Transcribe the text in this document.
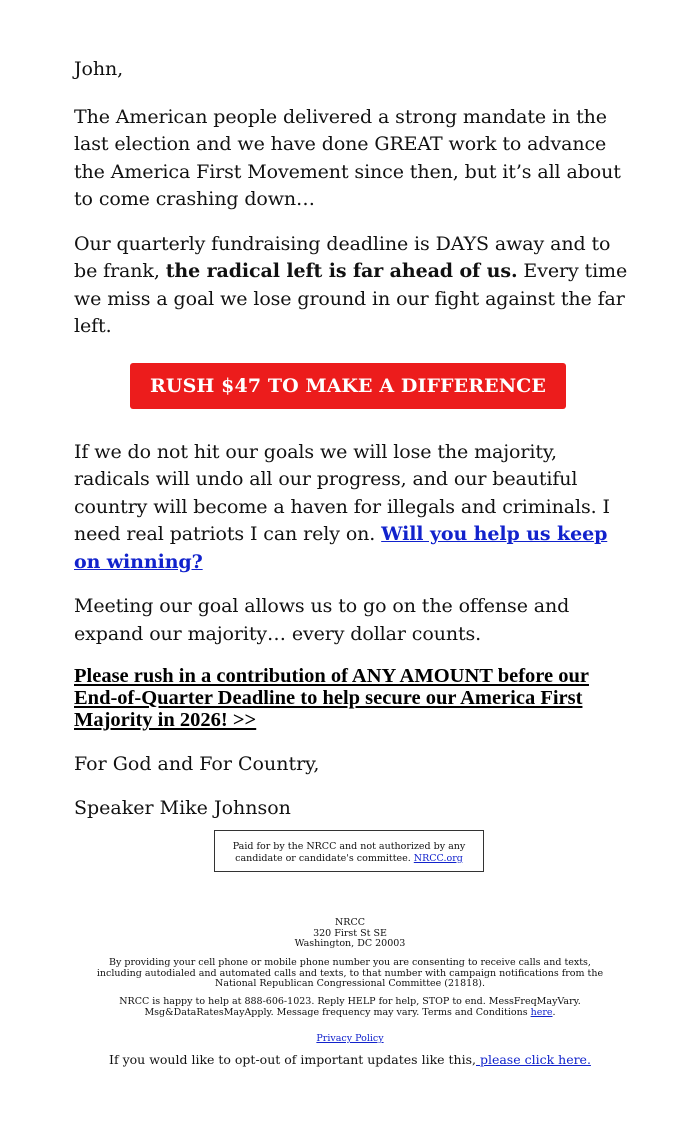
John,

The American people delivered a strong mandate in the last election and we have done GREAT work to advance the America First Movement since then, but it’s all about to come crashing down…

Our quarterly fundraising deadline is DAYS away and to be frank, the radical left is far ahead of us. Every time we miss a goal we lose ground in our fight against the far left.

RUSH $47 TO MAKE A DIFFERENCE

If we do not hit our goals we will lose the majority, radicals will undo all our progress, and our beautiful country will become a haven for illegals and criminals. I need real patriots I can rely on. Will you help us keep on winning?

Meeting our goal allows us to go on the offense and expand our majority… every dollar counts.

Please rush in a contribution of ANY AMOUNT before our End-of-Quarter Deadline to help secure our America First Majority in 2026! >>

For God and For Country,

Speaker Mike Johnson

Paid for by the NRCC and not authorized by any candidate or candidate's committee. NRCC.org
NRCC
320 First St SE
Washington, DC 20003
By providing your cell phone or mobile phone number you are consenting to receive calls and texts, including autodialed and automated calls and texts, to that number with campaign notifications from the National Republican Congressional Committee (21818).
NRCC is happy to help at 888-606-1023. Reply HELP for help, STOP to end. MessFreqMayVary. Msg&DataRatesMayApply. Message frequency may vary. Terms and Conditions here.
Privacy Policy
If you would like to opt-out of important updates like this, please click here.
